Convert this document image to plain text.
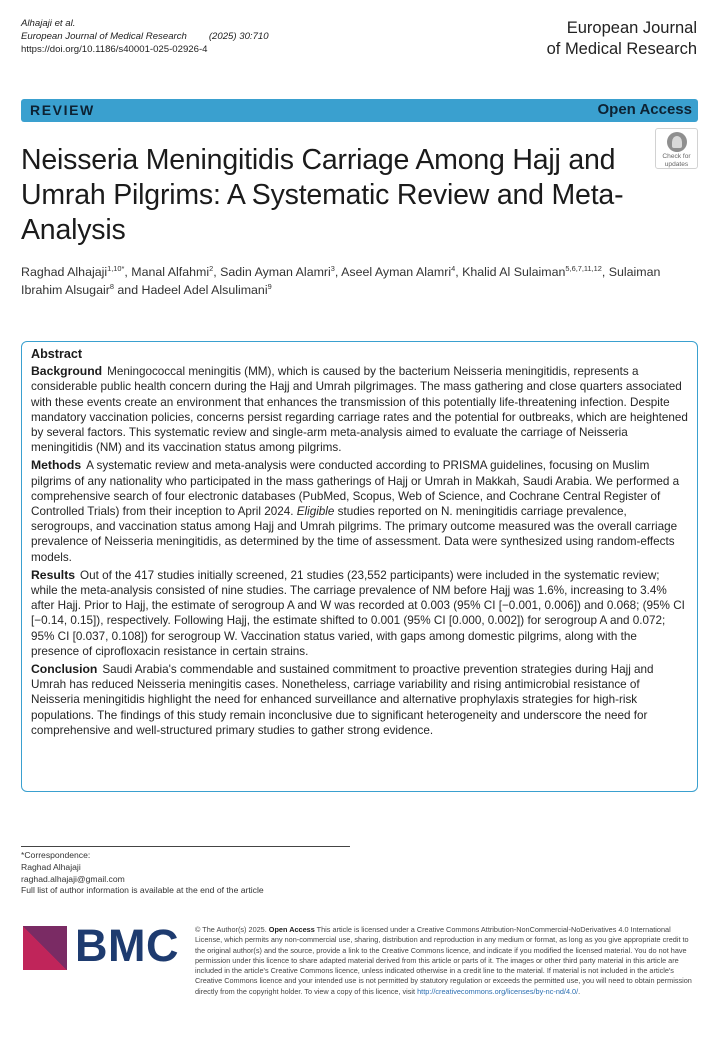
Alhajaji et al.
European Journal of Medical Research (2025) 30:710
https://doi.org/10.1186/s40001-025-02926-4
European Journal
of Medical Research
REVIEW	Open Access
Check for
updates
Neisseria Meningitidis Carriage Among Hajj and Umrah Pilgrims: A Systematic Review and Meta-Analysis
Raghad Alhajaji$^{1,10*}$, Manal Alfahmi$^2$, Sadin Ayman Alamri$^3$, Aseel Ayman Alamri$^4$, Khalid Al Sulaiman$^{5,6,7,11,12}$, Sulaiman Ibrahim Alsugair$^8$ and Hadeel Adel Alsulimani$^9$
Abstract

Background Meningococcal meningitis (MM), which is caused by the bacterium Neisseria meningitidis, represents a considerable public health concern during the Hajj and Umrah pilgrimages. The mass gathering and close quarters associated with these events create an environment that enhances the transmission of this potentially life-threatening infection. Despite mandatory vaccination policies, concerns persist regarding carriage rates and the potential for outbreaks, which are heightened by several factors. This systematic review and single-arm meta-analysis aimed to evaluate the carriage of Neisseria meningitidis (NM) and its vaccination status among pilgrims.

Methods A systematic review and meta-analysis were conducted according to PRISMA guidelines, focusing on Muslim pilgrims of any nationality who participated in the mass gatherings of Hajj or Umrah in Makkah, Saudi Arabia. We performed a comprehensive search of four electronic databases (PubMed, Scopus, Web of Science, and Cochrane Central Register of Controlled Trials) from their inception to April 2024. Eligible studies reported on N. meningitidis carriage prevalence, serogroups, and vaccination status among Hajj and Umrah pilgrims. The primary outcome measured was the overall carriage prevalence of Neisseria meningitidis, as determined by the time of assessment. Data were synthesized using random-effects models.

Results Out of the 417 studies initially screened, 21 studies (23,552 participants) were included in the systematic review; while the meta-analysis consisted of nine studies. The carriage prevalence of NM before Hajj was 1.6%, increasing to 3.4% after Hajj. Prior to Hajj, the estimate of serogroup A and W was recorded at 0.003 (95% CI [−0.001, 0.006]) and 0.068; (95% CI [−0.14, 0.15]), respectively. Following Hajj, the estimate shifted to 0.001 (95% CI [0.000, 0.002]) for serogroup A and 0.072; 95% CI [0.037, 0.108]) for serogroup W. Vaccination status varied, with gaps among domestic pilgrims, along with the presence of ciprofloxacin resistance in certain strains.

Conclusion Saudi Arabia's commendable and sustained commitment to proactive prevention strategies during Hajj and Umrah has reduced Neisseria meningitis cases. Nonetheless, carriage variability and rising antimicrobial resistance of Neisseria meningitidis highlight the need for enhanced surveillance and alternative prophylaxis strategies for high-risk populations. The findings of this study remain inconclusive due to significant heterogeneity and underscore the need for comprehensive and well-structured primary studies to gather strong evidence.

*Correspondence:
Raghad Alhajaji
raghad.alhajaji@gmail.com
Full list of author information is available at the end of the article
BMC © The Author(s) 2025. Open Access This article is licensed under a Creative Commons Attribution-NonCommercial-NoDerivatives 4.0 International License, which permits any non-commercial use, sharing, distribution and reproduction in any medium or format, as long as you give appropriate credit to the original author(s) and the source, provide a link to the Creative Commons licence, and indicate if you modified the licensed material. You do not have permission under this licence to share adapted material derived from this article or parts of it. The images or other third party material in this article are included in the article's Creative Commons licence, unless indicated otherwise in a credit line to the material. If material is not included in the article's Creative Commons licence and your intended use is not permitted by statutory regulation or exceeds the permitted use, you will need to obtain permission directly from the copyright holder. To view a copy of this licence, visit http://creativecommons.org/licenses/by-nc-nd/4.0/.
